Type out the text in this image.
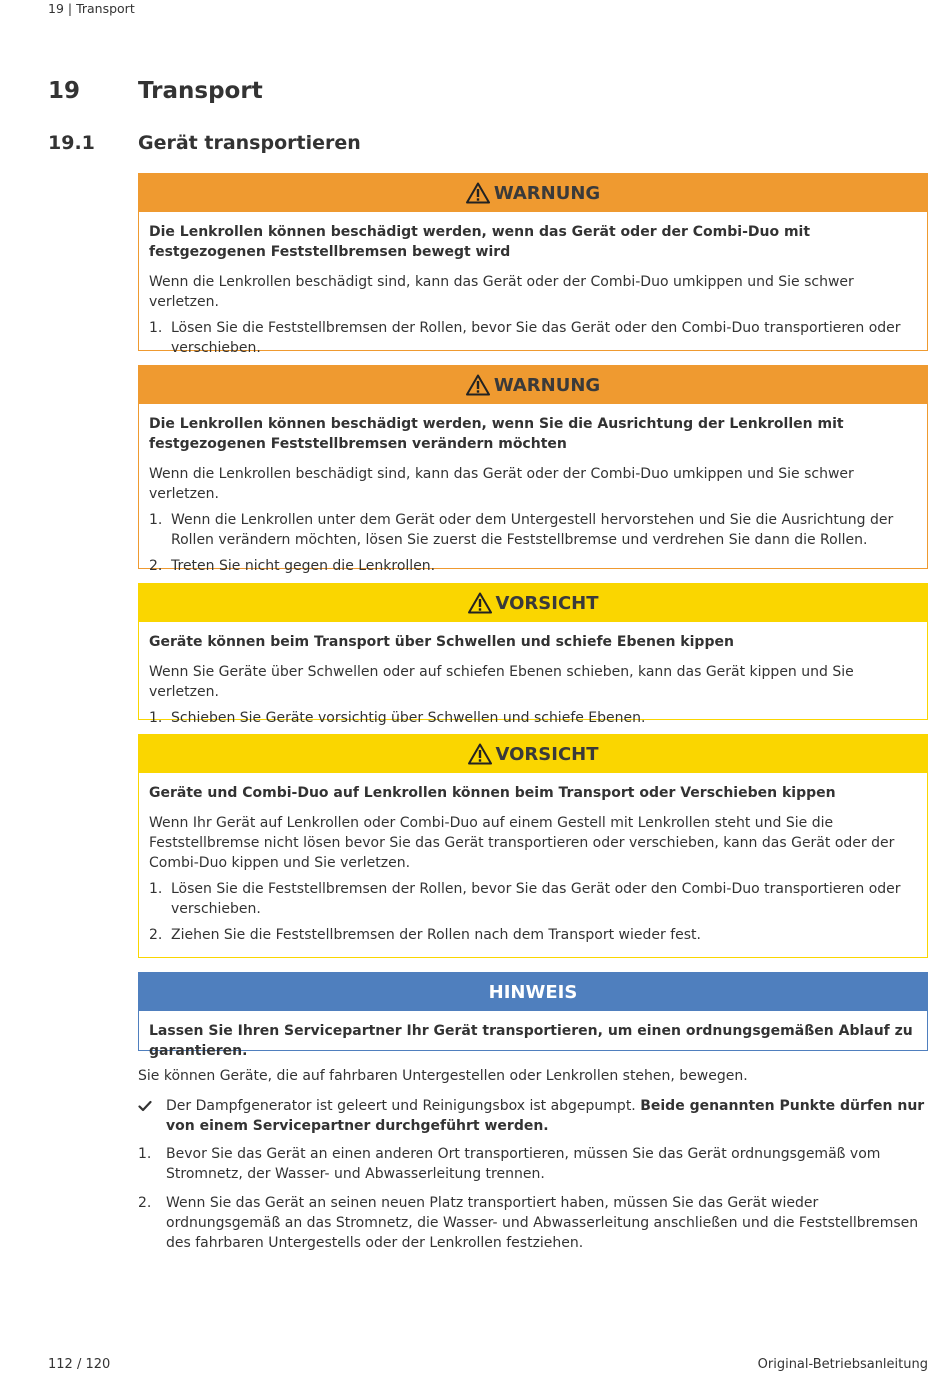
19 | Transport
19	Transport
19.1	Gerät transportieren
WARNUNG
Die Lenkrollen können beschädigt werden, wenn das Gerät oder der Combi-Duo mit festgezogenen Feststellbremsen bewegt wird
Wenn die Lenkrollen beschädigt sind, kann das Gerät oder der Combi-Duo umkippen und Sie schwer verletzen.
1. Lösen Sie die Feststellbremsen der Rollen, bevor Sie das Gerät oder den Combi-Duo transportieren oder verschieben.
WARNUNG
Die Lenkrollen können beschädigt werden, wenn Sie die Ausrichtung der Lenkrollen mit festgezogenen Feststellbremsen verändern möchten
Wenn die Lenkrollen beschädigt sind, kann das Gerät oder der Combi-Duo umkippen und Sie schwer verletzen.
1. Wenn die Lenkrollen unter dem Gerät oder dem Untergestell hervorstehen und Sie die Ausrichtung der Rollen verändern möchten, lösen Sie zuerst die Feststellbremse und verdrehen Sie dann die Rollen.
2. Treten Sie nicht gegen die Lenkrollen.
VORSICHT
Geräte können beim Transport über Schwellen und schiefe Ebenen kippen
Wenn Sie Geräte über Schwellen oder auf schiefen Ebenen schieben, kann das Gerät kippen und Sie verletzen.
1. Schieben Sie Geräte vorsichtig über Schwellen und schiefe Ebenen.
VORSICHT
Geräte und Combi-Duo auf Lenkrollen können beim Transport oder Verschieben kippen
Wenn Ihr Gerät auf Lenkrollen oder Combi-Duo auf einem Gestell mit Lenkrollen steht und Sie die Feststellbremse nicht lösen bevor Sie das Gerät transportieren oder verschieben, kann das Gerät oder der Combi-Duo kippen und Sie verletzen.
1. Lösen Sie die Feststellbremsen der Rollen, bevor Sie das Gerät oder den Combi-Duo transportieren oder verschieben.
2. Ziehen Sie die Feststellbremsen der Rollen nach dem Transport wieder fest.
HINWEIS
Lassen Sie Ihren Servicepartner Ihr Gerät transportieren, um einen ordnungsgemäßen Ablauf zu garantieren.
Sie können Geräte, die auf fahrbaren Untergestellen oder Lenkrollen stehen, bewegen.
Der Dampfgenerator ist geleert und Reinigungsbox ist abgepumpt. Beide genannten Punkte dürfen nur von einem Servicepartner durchgeführt werden.
1.	Bevor Sie das Gerät an einen anderen Ort transportieren, müssen Sie das Gerät ordnungsgemäß vom Stromnetz, der Wasser- und Abwasserleitung trennen.
2.	Wenn Sie das Gerät an seinen neuen Platz transportiert haben, müssen Sie das Gerät wieder ordnungsgemäß an das Stromnetz, die Wasser- und Abwasserleitung anschließen und die Feststellbremsen des fahrbaren Untergestells oder der Lenkrollen festziehen.
112 / 120	Original-Betriebsanleitung
